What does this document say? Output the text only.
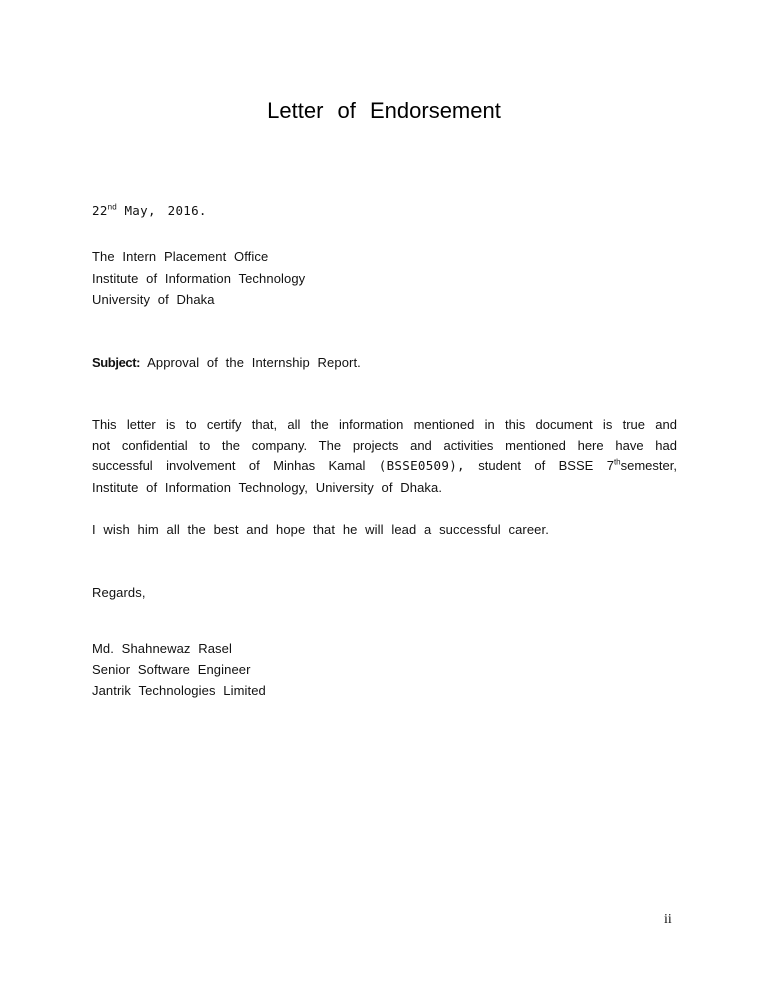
Letter of Endorsement
22nd May, 2016.
The Intern Placement Office
Institute of Information Technology
University of Dhaka
Subject: Approval of the Internship Report.
This letter is to certify that, all the information mentioned in this document is true and
not confidential to the company. The projects and activities mentioned here have had
successful involvement of Minhas Kamal (BSSE0509), student of BSSE 7thsemester,
Institute of Information Technology, University of Dhaka.
I wish him all the best and hope that he will lead a successful career.
Regards,
Md. Shahnewaz Rasel
Senior Software Engineer
Jantrik Technologies Limited
ii
